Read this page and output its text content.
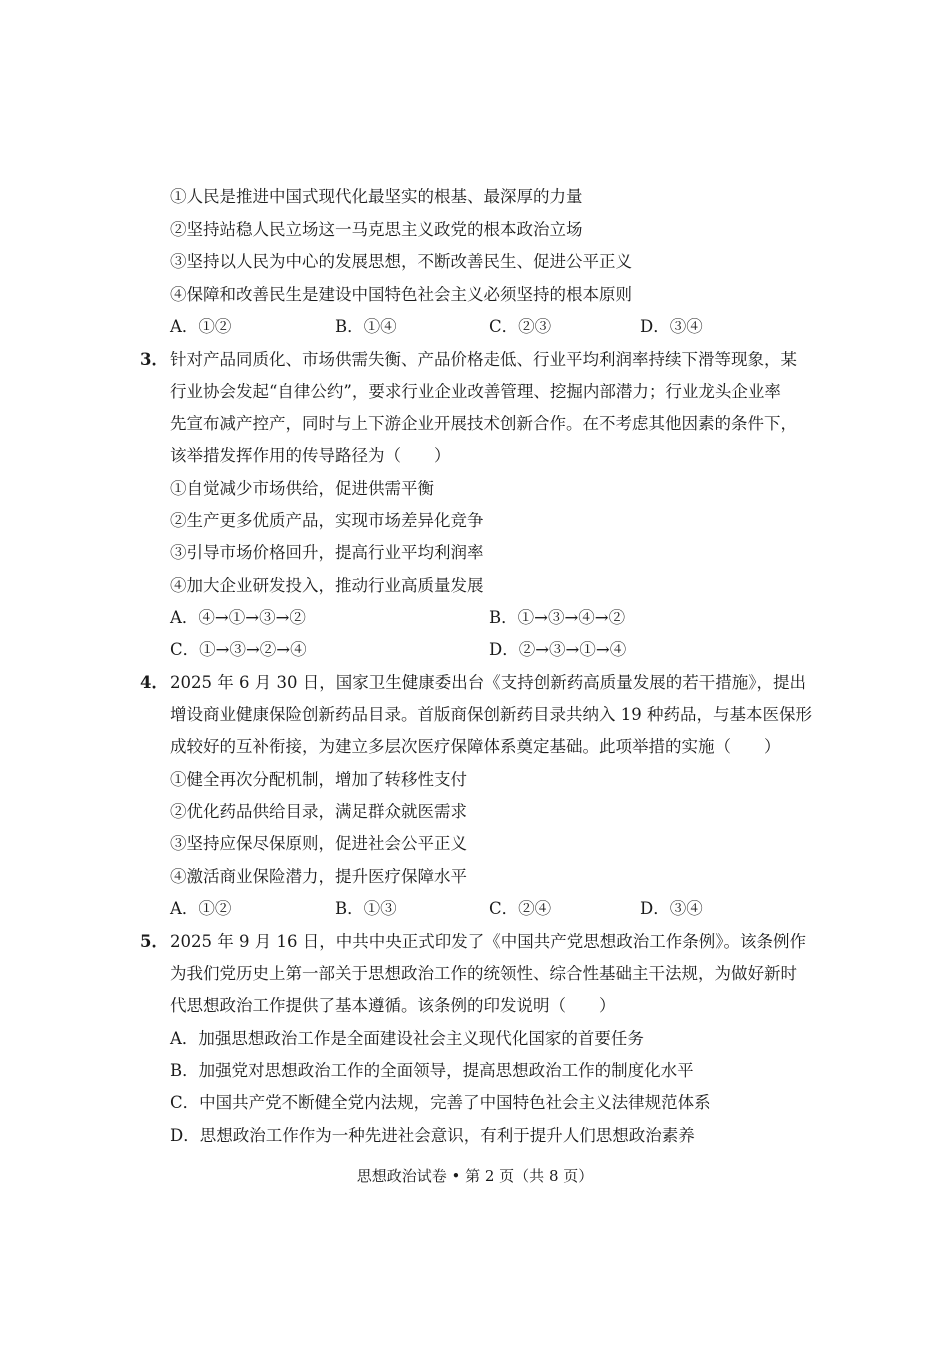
①人民是推进中国式现代化最坚实的根基、最深厚的力量
②坚持站稳人民立场这一马克思主义政党的根本政治立场
③坚持以人民为中心的发展思想，不断改善民生、促进公平正义
④保障和改善民生是建设中国特色社会主义必须坚持的根本原则
A．①②	B．①④	C．②③	D．③④
3． 针对产品同质化、市场供需失衡、产品价格走低、行业平均利润率持续下滑等现象，某
行业协会发起“自律公约”，要求行业企业改善管理、挖掘内部潜力；行业龙头企业率
先宣布减产控产，同时与上下游企业开展技术创新合作。在不考虑其他因素的条件下，
该举措发挥作用的传导路径为（　　）
①自觉减少市场供给，促进供需平衡
②生产更多优质产品，实现市场差异化竞争
③引导市场价格回升，提高行业平均利润率
④加大企业研发投入，推动行业高质量发展
A．④→①→③→②	B．①→③→④→②
C．①→③→②→④	D．②→③→①→④
4． 2025 年 6 月 30 日，国家卫生健康委出台《支持创新药高质量发展的若干措施》，提出
增设商业健康保险创新药品目录。首版商保创新药目录共纳入 19 种药品，与基本医保形
成较好的互补衔接，为建立多层次医疗保障体系奠定基础。此项举措的实施（　　）
①健全再次分配机制，增加了转移性支付
②优化药品供给目录，满足群众就医需求
③坚持应保尽保原则，促进社会公平正义
④激活商业保险潜力，提升医疗保障水平
A．①②	B．①③	C．②④	D．③④
5． 2025 年 9 月 16 日，中共中央正式印发了《中国共产党思想政治工作条例》。该条例作
为我们党历史上第一部关于思想政治工作的统领性、综合性基础主干法规，为做好新时
代思想政治工作提供了基本遵循。该条例的印发说明（　　）
A．加强思想政治工作是全面建设社会主义现代化国家的首要任务
B．加强党对思想政治工作的全面领导，提高思想政治工作的制度化水平
C．中国共产党不断健全党内法规，完善了中国特色社会主义法律规范体系
D．思想政治工作作为一种先进社会意识，有利于提升人们思想政治素养
思想政治试卷 • 第 2 页（共 8 页）
